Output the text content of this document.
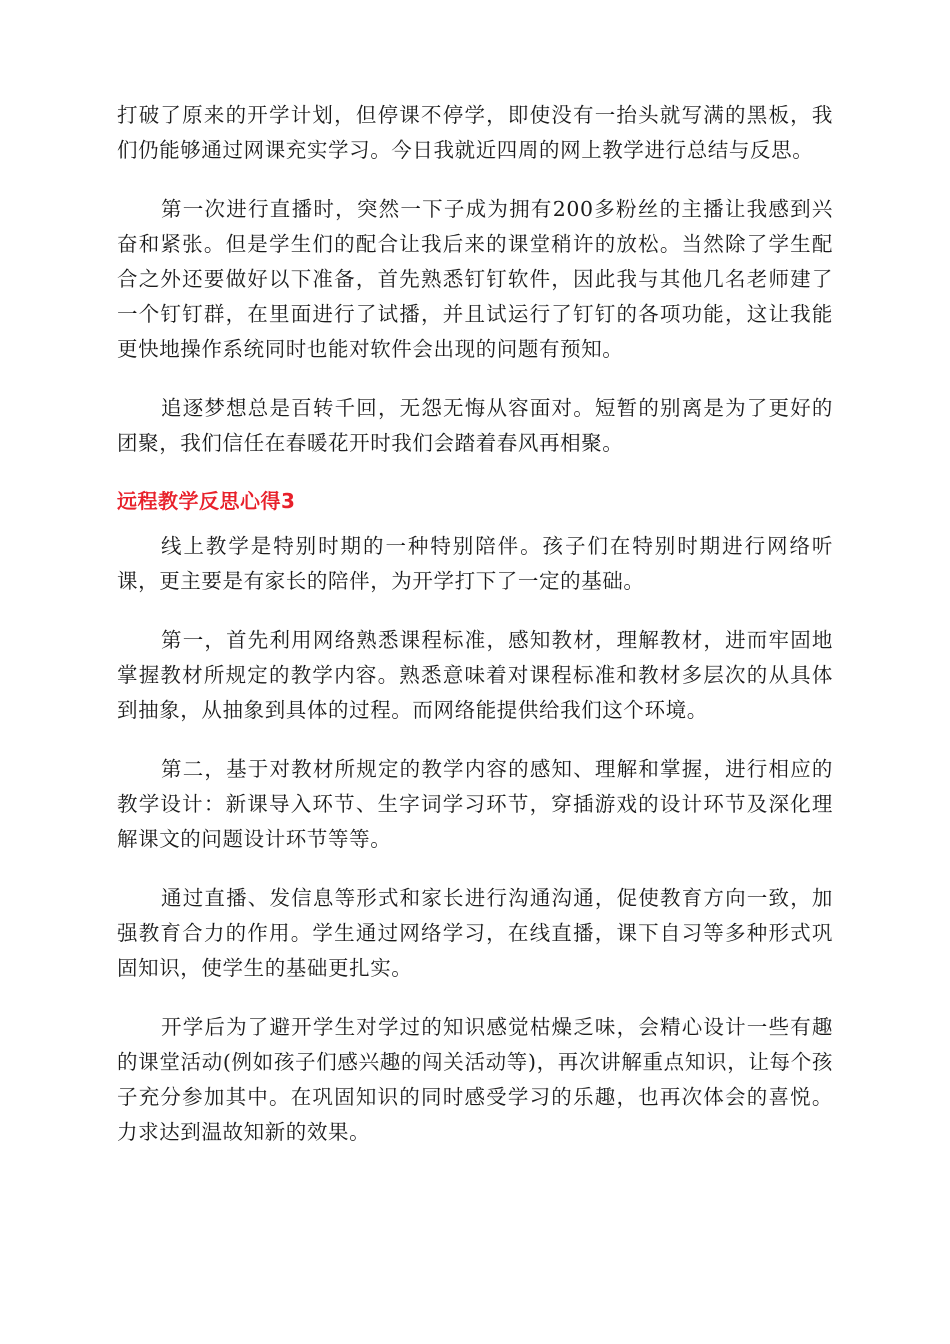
打破了原来的开学计划，但停课不停学，即使没有一抬头就写满的黑板，我们仍能够通过网课充实学习。今日我就近四周的网上教学进行总结与反思。

第一次进行直播时，突然一下子成为拥有200多粉丝的主播让我感到兴奋和紧张。但是学生们的配合让我后来的课堂稍许的放松。当然除了学生配合之外还要做好以下准备，首先熟悉钉钉软件，因此我与其他几名老师建了一个钉钉群，在里面进行了试播，并且试运行了钉钉的各项功能，这让我能更快地操作系统同时也能对软件会出现的问题有预知。

追逐梦想总是百转千回，无怨无悔从容面对。短暂的别离是为了更好的团聚，我们信任在春暖花开时我们会踏着春风再相聚。

远程教学反思心得3

线上教学是特别时期的一种特别陪伴。孩子们在特别时期进行网络听课，更主要是有家长的陪伴，为开学打下了一定的基础。

第一，首先利用网络熟悉课程标准，感知教材，理解教材，进而牢固地掌握教材所规定的教学内容。熟悉意味着对课程标准和教材多层次的从具体到抽象，从抽象到具体的过程。而网络能提供给我们这个环境。

第二，基于对教材所规定的教学内容的感知、理解和掌握，进行相应的教学设计：新课导入环节、生字词学习环节，穿插游戏的设计环节及深化理解课文的问题设计环节等等。

通过直播、发信息等形式和家长进行沟通沟通，促使教育方向一致，加强教育合力的作用。学生通过网络学习，在线直播，课下自习等多种形式巩固知识，使学生的基础更扎实。

开学后为了避开学生对学过的知识感觉枯燥乏味，会精心设计一些有趣的课堂活动(例如孩子们感兴趣的闯关活动等)，再次讲解重点知识，让每个孩子充分参加其中。在巩固知识的同时感受学习的乐趣，也再次体会的喜悦。力求达到温故知新的效果。
